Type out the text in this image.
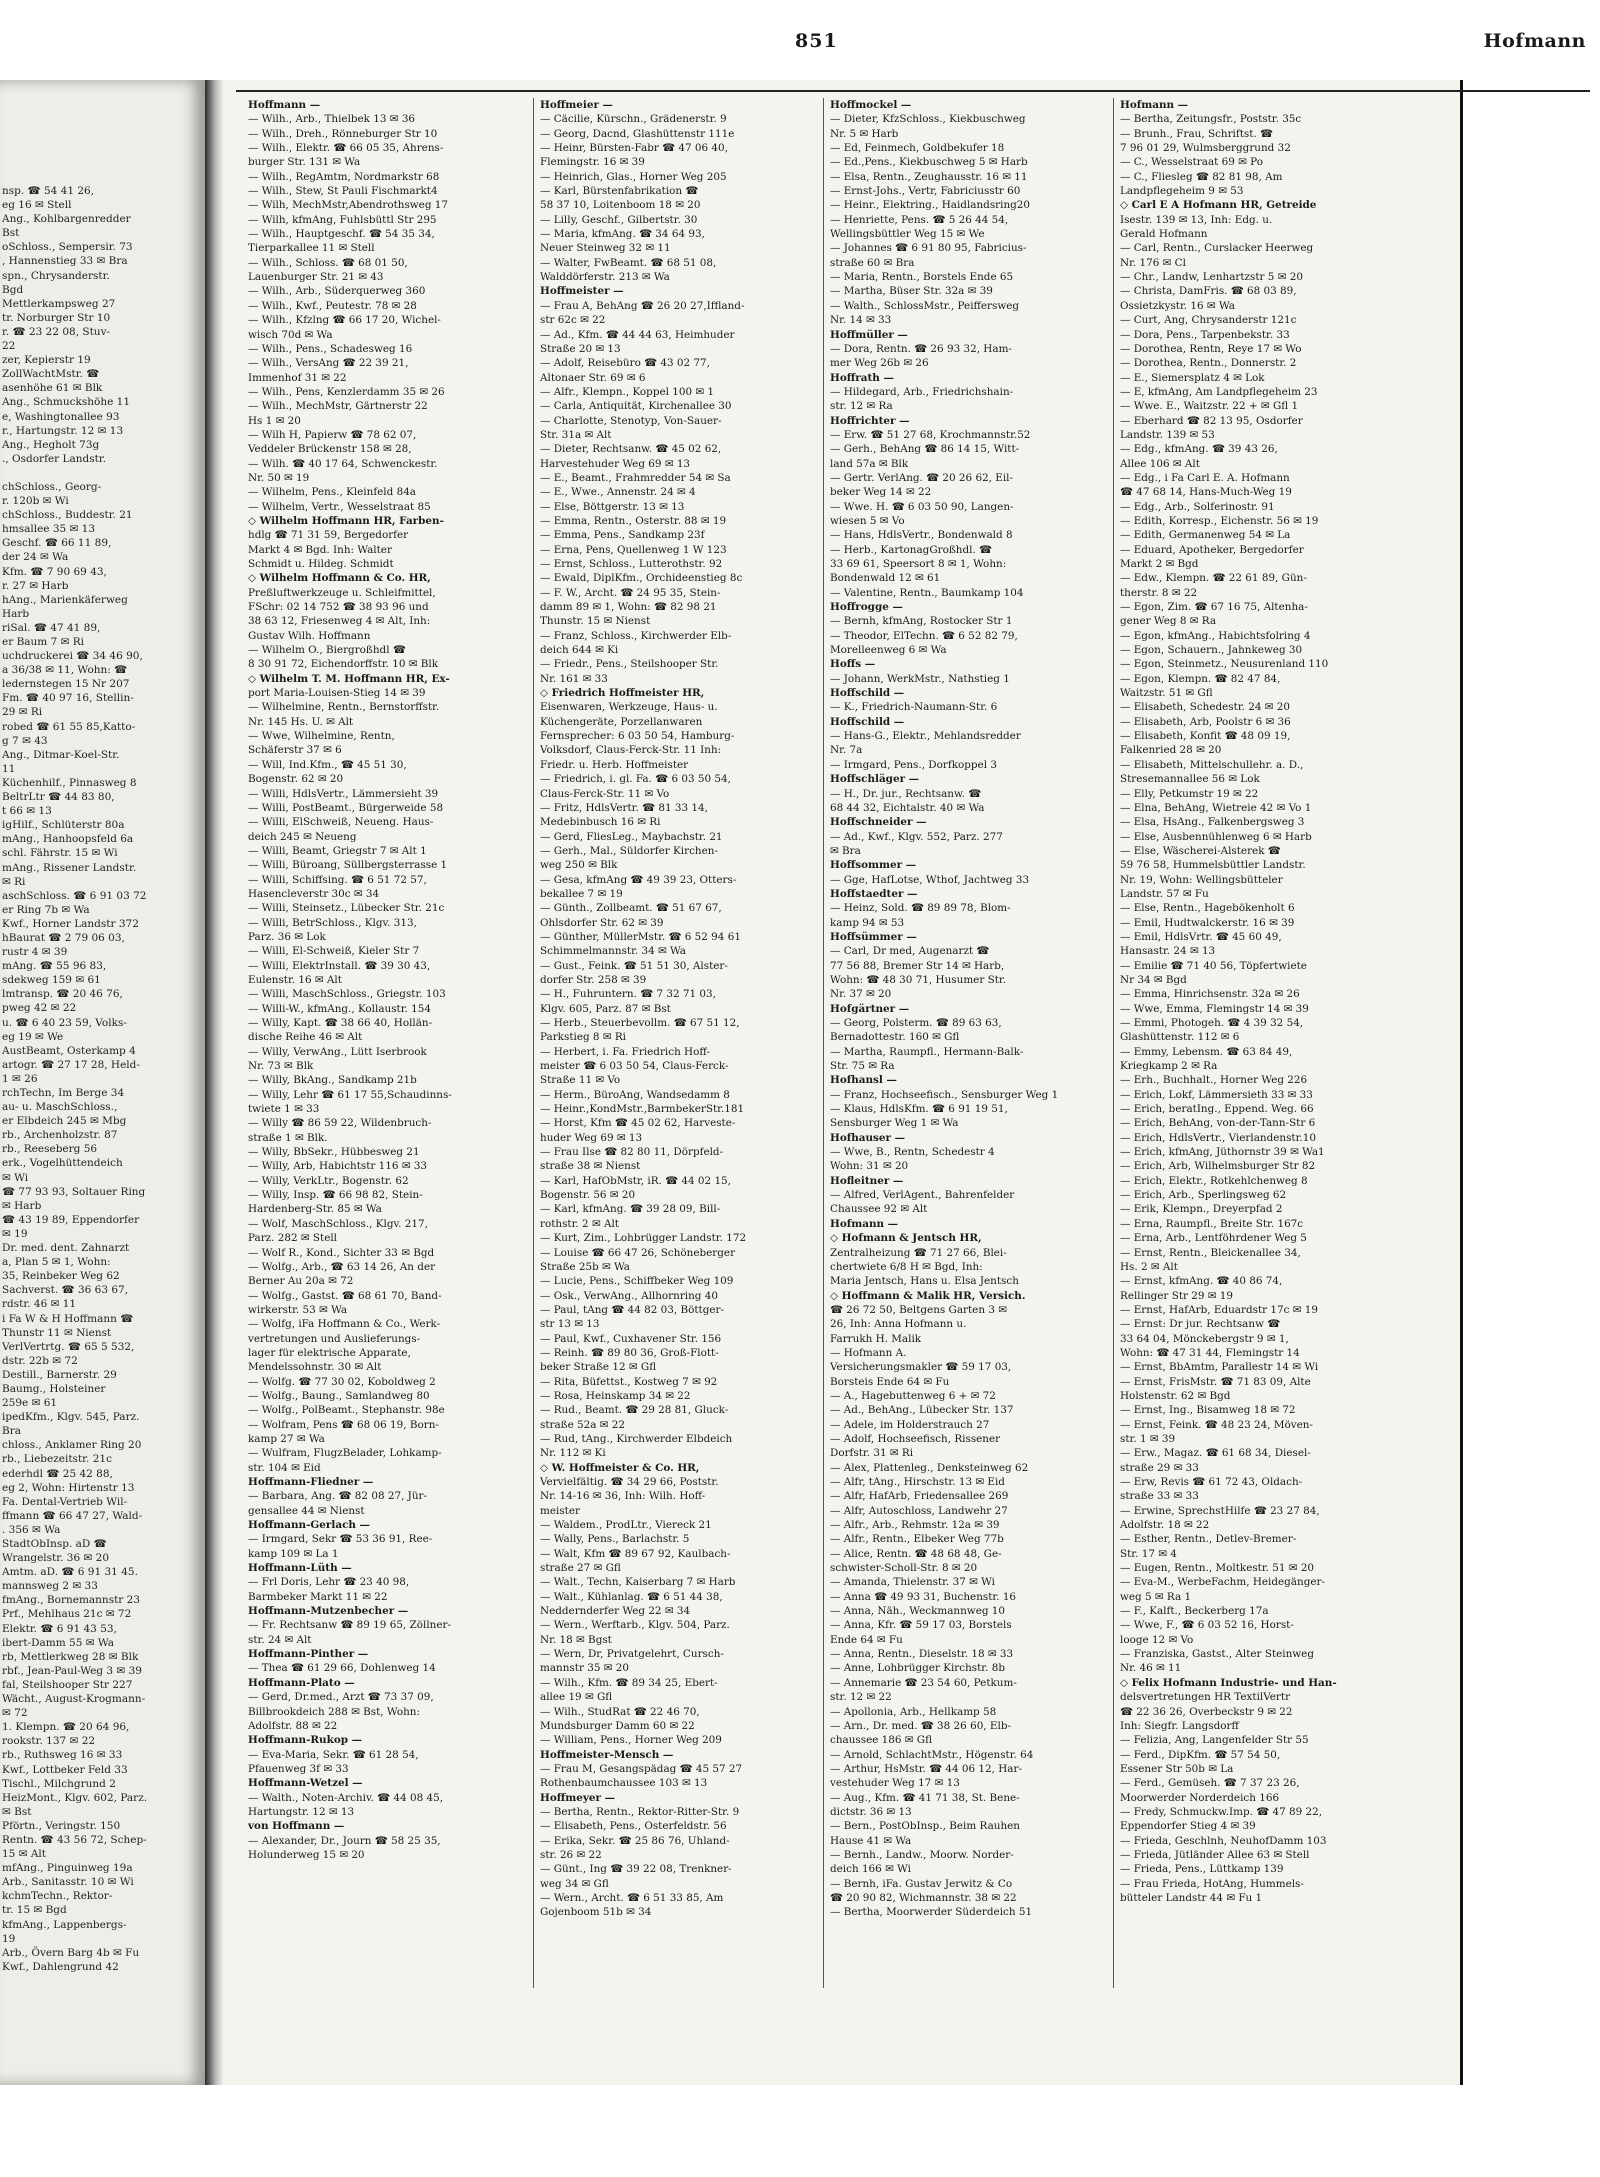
nsp. ☎ 54 41 26,
eg 16 ✉ Stell
Ang., Kohlbargenredder
Bst
oSchloss., Sempersir. 73
, Hannenstieg 33 ✉ Bra
spn., Chrysanderstr.
Bgd
Mettlerkampsweg 27
tr. Norburger Str 10
r. ☎ 23 22 08, Stuv-
22
zer, Kepierstr 19
ZollWachtMstr. ☎
asenhöhe 61 ✉ Blk
Ang., Schmuckshöhe 11
e, Washingtonallee 93
r., Hartungstr. 12 ✉ 13
Ang., Hegholt 73g
., Osdorfer Landstr.

chSchloss., Georg-
r. 120b ✉ Wi
chSchloss., Buddestr. 21
hmsallee 35 ✉ 13
Geschf. ☎ 66 11 89,
der 24 ✉ Wa
Kfm. ☎ 7 90 69 43,
r. 27 ✉ Harb
hAng., Marienkäferweg
Harb
riSal. ☎ 47 41 89,
er Baum 7 ✉ Ri
uchdruckerei ☎ 34 46 90,
a 36/38 ✉ 11, Wohn: ☎
ledernstegen 15 Nr 207
Fm. ☎ 40 97 16, Stellin-
29 ✉ Ri
robed ☎ 61 55 85,Katto-
g 7 ✉ 43
Ang., Ditmar-Koel-Str.
11
Küchenhilf., Pinnasweg 8
BeltrLtr ☎ 44 83 80,
t 66 ✉ 13
igHilf., Schlüterstr 80a
mAng., Hanhoopsfeld 6a
schl. Fährstr. 15 ✉ Wi
mAng., Rissener Landstr.
✉ Ri
aschSchloss. ☎ 6 91 03 72
er Ring 7b ✉ Wa
Kwf., Horner Landstr 372
hBaurat ☎ 2 79 06 03,
rustr 4 ✉ 39
mAng. ☎ 55 96 83,
sdekweg 159 ✉ 61
lmtransp. ☎ 20 46 76,
pweg 42 ✉ 22
u. ☎ 6 40 23 59, Volks-
eg 19 ✉ We
AustBeamt, Osterkamp 4
artogr. ☎ 27 17 28, Held-
1 ✉ 26
rchTechn, Im Berge 34
au- u. MaschSchloss.,
er Elbdeich 245 ✉ Mbg
rb., Archenholzstr. 87
rb., Reeseberg 56
erk., Vogelhüttendeich
✉ Wi
☎ 77 93 93, Soltauer Ring
✉ Harb
☎ 43 19 89, Eppendorfer
✉ 19
Dr. med. dent. Zahnarzt
a, Plan 5 ✉ 1, Wohn:
35, Reinbeker Weg 62
Sachverst. ☎ 36 63 67,
rdstr. 46 ✉ 11
i Fa W & H Hoffmann ☎
Thunstr 11 ✉ Nienst
VerlVertrtg. ☎ 65 5 532,
dstr. 22b ✉ 72
Destill., Barnerstr. 29
Baumg., Holsteiner
259e ✉ 61
ipedKfm., Klgv. 545, Parz.
Bra
chloss., Anklamer Ring 20
rb., Liebezeitstr. 21c
ederhdl ☎ 25 42 88,
eg 2, Wohn: Hirtenstr 13
Fa. Dental-Vertrieb Wil-
ffmann ☎ 66 47 27, Wald-
. 356 ✉ Wa
StadtObInsp. aD ☎
Wrangelstr. 36 ✉ 20
Amtm. aD. ☎ 6 91 31 45.
mannsweg 2 ✉ 33
fmAng., Bornemannstr 23
Prf., Mehlhaus 21c ✉ 72
Elektr. ☎ 6 91 43 53,
ibert-Damm 55 ✉ Wa
rb, Mettlerkweg 28 ✉ Blk
rbf., Jean-Paul-Weg 3 ✉ 39
fal, Steilshooper Str 227
Wächt., August-Krogmann-
✉ 72
1. Klempn. ☎ 20 64 96,
rookstr. 137 ✉ 22
rb., Ruthsweg 16 ✉ 33
Kwf., Lottbeker Feld 33
Tischl., Milchgrund 2
HeizMont., Klgv. 602, Parz.
✉ Bst
Pförtn., Veringstr. 150
Rentn. ☎ 43 56 72, Schep-
15 ✉ Alt
mfAng., Pinguinweg 19a
Arb., Sanitasstr. 10 ✉ Wi
kchmTechn., Rektor-
tr. 15 ✉ Bgd
kfmAng., Lappenbergs-
19
Arb., Övern Barg 4b ✉ Fu
Kwf., Dahlengrund 42
851	Hofmann
Hoffmann —
— Wilh., Arb., Thielbek 13 ✉ 36
— Wilh., Dreh., Rönneburger Str 10
— Wilh., Elektr. ☎ 66 05 35, Ahrens-
burger Str. 131 ✉ Wa
— Wilh., RegAmtm, Nordmarkstr 68
— Wilh., Stew, St Pauli Fischmarkt4
— Wilh, MechMstr,Abendrothsweg 17
— Wilh, kfmAng, Fuhlsbüttl Str 295
— Wilh., Hauptgeschf. ☎ 54 35 34,
Tierparkallee 11 ✉ Stell
— Wilh., Schloss. ☎ 68 01 50,
Lauenburger Str. 21 ✉ 43
— Wilh., Arb., Süderquerweg 360
— Wilh., Kwf., Peutestr. 78 ✉ 28
— Wilh., Kfzlng ☎ 66 17 20, Wichel-
wisch 70d ✉ Wa
— Wilh., Pens., Schadesweg 16
— Wilh., VersAng ☎ 22 39 21,
Immenhof 31 ✉ 22
— Wilh., Pens, Kenzlerdamm 35 ✉ 26
— Wilh., MechMstr, Gärtnerstr 22
Hs 1 ✉ 20
— Wilh H, Papierw ☎ 78 62 07,
Veddeler Brückenstr 158 ✉ 28,
— Wilh. ☎ 40 17 64, Schwenckestr.
Nr. 50 ✉ 19
— Wilhelm, Pens., Kleinfeld 84a
— Wilhelm, Vertr., Wesselstraat 85
◇ Wilhelm Hoffmann HR, Farben-
hdlg ☎ 71 31 59, Bergedorfer
Markt 4 ✉ Bgd. Inh: Walter
Schmidt u. Hildeg. Schmidt
◇ Wilhelm Hoffmann & Co. HR,
Preßluftwerkzeuge u. Schleifmittel,
FSchr: 02 14 752 ☎ 38 93 96 und
38 63 12, Friesenweg 4 ✉ Alt, Inh:
Gustav Wilh. Hoffmann
— Wilhelm O., Biergroßhdl ☎
8 30 91 72, Eichendorffstr. 10 ✉ Blk
◇ Wilhelm T. M. Hoffmann HR, Ex-
port Maria-Louisen-Stieg 14 ✉ 39
— Wilhelmine, Rentn., Bernstorffstr.
Nr. 145 Hs. U. ✉ Alt
— Wwe, Wilhelmine, Rentn,
Schäferstr 37 ✉ 6
— Will, Ind.Kfm., ☎ 45 51 30,
Bogenstr. 62 ✉ 20
— Willi, HdlsVertr., Lämmersieht 39
— Willi, PostBeamt., Bürgerweide 58
— Willi, ElSchweiß, Neueng. Haus-
deich 245 ✉ Neueng
— Willi, Beamt, Griegstr 7 ✉ Alt 1
— Willi, Büroang, Süllbergsterrasse 1
— Willi, Schiffsing. ☎ 6 51 72 57,
Hasencleverstr 30c ✉ 34
— Willi, Steinsetz., Lübecker Str. 21c
— Willi, BetrSchloss., Klgv. 313,
Parz. 36 ✉ Lok
— Willi, El-Schweiß, Kieler Str 7
— Willi, ElektrInstall. ☎ 39 30 43,
Eulenstr. 16 ✉ Alt
— Willi, MaschSchloss., Griegstr. 103
— Willi-W., kfmAng., Kollaustr. 154
— Willy, Kapt. ☎ 38 66 40, Hollän-
dische Reihe 46 ✉ Alt
— Willy, VerwAng., Lütt Iserbrook
Nr. 73 ✉ Blk
— Willy, BkAng., Sandkamp 21b
— Willy, Lehr ☎ 61 17 55,Schaudinns-
twiete 1 ✉ 33
— Willy ☎ 86 59 22, Wildenbruch-
straße 1 ✉ Blk.
— Willy, BbSekr., Hübbesweg 21
— Willy, Arb, Habichtstr 116 ✉ 33
— Willy, VerkLtr., Bogenstr. 62
— Willy, Insp. ☎ 66 98 82, Stein-
Hardenberg-Str. 85 ✉ Wa
— Wolf, MaschSchloss., Klgv. 217,
Parz. 282 ✉ Stell
— Wolf R., Kond., Sichter 33 ✉ Bgd
— Wolfg., Arb., ☎ 63 14 26, An der
Berner Au 20a ✉ 72
— Wolfg., Gastst. ☎ 68 61 70, Band-
wirkerstr. 53 ✉ Wa
— Wolfg, iFa Hoffmann & Co., Werk-
vertretungen und Auslieferungs-
lager für elektrische Apparate,
Mendelssohnstr. 30 ✉ Alt
— Wolfg. ☎ 77 30 02, Koboldweg 2
— Wolfg., Baung., Samlandweg 80
— Wolfg., PolBeamt., Stephanstr. 98e
— Wolfram, Pens ☎ 68 06 19, Born-
kamp 27 ✉ Wa
— Wulfram, FlugzBelader, Lohkamp-
str. 104 ✉ Eid
Hoffmann-Fliedner —
— Barbara, Ang. ☎ 82 08 27, Jür-
gensallee 44 ✉ Nienst
Hoffmann-Gerlach —
— Irmgard, Sekr ☎ 53 36 91, Ree-
kamp 109 ✉ La 1
Hoffmann-Lüth —
— Frl Doris, Lehr ☎ 23 40 98,
Barmbeker Markt 11 ✉ 22
Hoffmann-Mutzenbecher —
— Fr. Rechtsanw ☎ 89 19 65, Zöllner-
str. 24 ✉ Alt
Hoffmann-Pinther —
— Thea ☎ 61 29 66, Dohlenweg 14
Hoffmann-Plato —
— Gerd, Dr.med., Arzt ☎ 73 37 09,
Billbrookdeich 288 ✉ Bst, Wohn:
Adolfstr. 88 ✉ 22
Hoffmann-Rukop —
— Eva-Maria, Sekr. ☎ 61 28 54,
Pfauenweg 3f ✉ 33
Hoffmann-Wetzel —
— Walth., Noten-Archiv. ☎ 44 08 45,
Hartungstr. 12 ✉ 13
von Hoffmann —
— Alexander, Dr., Journ ☎ 58 25 35,
Holunderweg 15 ✉ 20
Hoffmeier —
— Cäcilie, Kürschn., Grädenerstr. 9
— Georg, Dacnd, Glashüttenstr 111e
— Heinr, Bürsten-Fabr ☎ 47 06 40,
Flemingstr. 16 ✉ 39
— Heinrich, Glas., Horner Weg 205
— Karl, Bürstenfabrikation ☎
58 37 10, Loitenboom 18 ✉ 20
— Lilly, Geschf., Gilbertstr. 30
— Maria, kfmAng. ☎ 34 64 93,
Neuer Steinweg 32 ✉ 11
— Walter, FwBeamt. ☎ 68 51 08,
Walddörferstr. 213 ✉ Wa
Hoffmeister —
— Frau A, BehAng ☎ 26 20 27,Iffland-
str 62c ✉ 22
— Ad., Kfm. ☎ 44 44 63, Heimhuder
Straße 20 ✉ 13
— Adolf, Reisebüro ☎ 43 02 77,
Altonaer Str. 69 ✉ 6
— Alfr., Klempn., Koppel 100 ✉ 1
— Carla, Antiquität, Kirchenallee 30
— Charlotte, Stenotyp, Von-Sauer-
Str. 31a ✉ Alt
— Dieter, Rechtsanw. ☎ 45 02 62,
Harvestehuder Weg 69 ✉ 13
— E., Beamt., Frahmredder 54 ✉ Sa
— E., Wwe., Annenstr. 24 ✉ 4
— Else, Böttgerstr. 13 ✉ 13
— Emma, Rentn., Osterstr. 88 ✉ 19
— Emma, Pens., Sandkamp 23f
— Erna, Pens, Quellenweg 1 W 123
— Ernst, Schloss., Lutterothstr. 92
— Ewald, DiplKfm., Orchideenstieg 8c
— F. W., Archt. ☎ 24 95 35, Stein-
damm 89 ✉ 1, Wohn: ☎ 82 98 21
Thunstr. 15 ✉ Nienst
— Franz, Schloss., Kirchwerder Elb-
deich 644 ✉ Ki
— Friedr., Pens., Steilshooper Str.
Nr. 161 ✉ 33
◇ Friedrich Hoffmeister HR,
Eisenwaren, Werkzeuge, Haus- u.
Küchengeräte, Porzellanwaren
Fernsprecher: 6 03 50 54, Hamburg-
Volksdorf, Claus-Ferck-Str. 11 Inh:
Friedr. u. Herb. Hoffmeister
— Friedrich, i. gl. Fa. ☎ 6 03 50 54,
Claus-Ferck-Str. 11 ✉ Vo
— Fritz, HdlsVertr. ☎ 81 33 14,
Medebinbusch 16 ✉ Ri
— Gerd, FliesLeg., Maybachstr. 21
— Gerh., Mal., Süldorfer Kirchen-
weg 250 ✉ Blk
— Gesa, kfmAng ☎ 49 39 23, Otters-
bekallee 7 ✉ 19
— Günth., Zollbeamt. ☎ 51 67 67,
Ohlsdorfer Str. 62 ✉ 39
— Günther, MüllerMstr. ☎ 6 52 94 61
Schimmelmannstr. 34 ✉ Wa
— Gust., Feink. ☎ 51 51 30, Alster-
dorfer Str. 258 ✉ 39
— H., Fuhruntern. ☎ 7 32 71 03,
Klgv. 605, Parz. 87 ✉ Bst
— Herb., Steuerbevollm. ☎ 67 51 12,
Parkstieg 8 ✉ Ri
— Herbert, i. Fa. Friedrich Hoff-
meister ☎ 6 03 50 54, Claus-Ferck-
Straße 11 ✉ Vo
— Herm., BüroAng, Wandsedamm 8
— Heinr.,KondMstr.,BarmbekerStr.181
— Horst, Kfm ☎ 45 02 62, Harveste-
huder Weg 69 ✉ 13
— Frau Ilse ☎ 82 80 11, Dörpfeld-
straße 38 ✉ Nienst
— Karl, HafObMstr, iR. ☎ 44 02 15,
Bogenstr. 56 ✉ 20
— Karl, kfmAng. ☎ 39 28 09, Bill-
rothstr. 2 ✉ Alt
— Kurt, Zim., Lohbrügger Landstr. 172
— Louise ☎ 66 47 26, Schöneberger
Straße 25b ✉ Wa
— Lucie, Pens., Schiffbeker Weg 109
— Osk., VerwAng., Allhornring 40
— Paul, tAng ☎ 44 82 03, Böttger-
str 13 ✉ 13
— Paul, Kwf., Cuxhavener Str. 156
— Reinh. ☎ 89 80 36, Groß-Flott-
beker Straße 12 ✉ Gfl
— Rita, Büfettst., Kostweg 7 ✉ 92
— Rosa, Heinskamp 34 ✉ 22
— Rud., Beamt. ☎ 29 28 81, Gluck-
straße 52a ✉ 22
— Rud, tAng., Kirchwerder Elbdeich
Nr. 112 ✉ Ki
◇ W. Hoffmeister & Co. HR,
Vervielfältig. ☎ 34 29 66, Poststr.
Nr. 14-16 ✉ 36, Inh: Wilh. Hoff-
meister
— Waldem., ProdLtr., Viereck 21
— Wally, Pens., Barlachstr. 5
— Walt, Kfm ☎ 89 67 92, Kaulbach-
straße 27 ✉ Gfl
— Walt., Techn, Kaiserbarg 7 ✉ Harb
— Walt., Kühlanlag. ☎ 6 51 44 38,
Neddernderfer Weg 22 ✉ 34
— Wern., Werftarb., Klgv. 504, Parz.
Nr. 18 ✉ Bgst
— Wern, Dr, Privatgelehrt, Cursch-
mannstr 35 ✉ 20
— Wilh., Kfm. ☎ 89 34 25, Ebert-
allee 19 ✉ Gfl
— Wilh., StudRat ☎ 22 46 70,
Mundsburger Damm 60 ✉ 22
— William, Pens., Horner Weg 209
Hoffmeister-Mensch —
— Frau M, Gesangspädag ☎ 45 57 27
Rothenbaumchaussee 103 ✉ 13
Hoffmeyer —
— Bertha, Rentn., Rektor-Ritter-Str. 9
— Elisabeth, Pens., Osterfeldstr. 56
— Erika, Sekr. ☎ 25 86 76, Uhland-
str. 26 ✉ 22
— Günt., Ing ☎ 39 22 08, Trenkner-
weg 34 ✉ Gfl
— Wern., Archt. ☎ 6 51 33 85, Am
Gojenboom 51b ✉ 34
Hoffmockel —
— Dieter, KfzSchloss., Kiekbuschweg
Nr. 5 ✉ Harb
— Ed, Feinmech, Goldbekufer 18
— Ed.,Pens., Kiekbuschweg 5 ✉ Harb
— Elsa, Rentn., Zeughausstr. 16 ✉ 11
— Ernst-Johs., Vertr, Fabriciusstr 60
— Heinr., Elektring., Haidlandsring20
— Henriette, Pens. ☎ 5 26 44 54,
Wellingsbüttler Weg 15 ✉ We
— Johannes ☎ 6 91 80 95, Fabricius-
straße 60 ✉ Bra
— Maria, Rentn., Borstels Ende 65
— Martha, Büser Str. 32a ✉ 39
— Walth., SchlossMstr., Peiffersweg
Nr. 14 ✉ 33
Hoffmüller —
— Dora, Rentn. ☎ 26 93 32, Ham-
mer Weg 26b ✉ 26
Hoffrath —
— Hildegard, Arb., Friedrichshain-
str. 12 ✉ Ra
Hoffrichter —
— Erw. ☎ 51 27 68, Krochmannstr.52
— Gerh., BehAng ☎ 86 14 15, Witt-
land 57a ✉ Blk
— Gertr. VerlAng. ☎ 20 26 62, Eil-
beker Weg 14 ✉ 22
— Wwe. H. ☎ 6 03 50 90, Langen-
wiesen 5 ✉ Vo
— Hans, HdlsVertr., Bondenwald 8
— Herb., KartonagGroßhdl. ☎
33 69 61, Speersort 8 ✉ 1, Wohn:
Bondenwald 12 ✉ 61
— Valentine, Rentn., Baumkamp 104
Hoffrogge —
— Bernh, kfmAng, Rostocker Str 1
— Theodor, ElTechn. ☎ 6 52 82 79,
Morelleenweg 6 ✉ Wa
Hoffs —
— Johann, WerkMstr., Nathstieg 1
Hoffschild —
— K., Friedrich-Naumann-Str. 6
Hoffschild —
— Hans-G., Elektr., Mehlandsredder
Nr. 7a
— Irmgard, Pens., Dorfkoppel 3
Hoffschläger —
— H., Dr. jur., Rechtsanw. ☎
68 44 32, Eichtalstr. 40 ✉ Wa
Hoffschneider —
— Ad., Kwf., Klgv. 552, Parz. 277
✉ Bra
Hoffsommer —
— Gge, HafLotse, Wthof, Jachtweg 33
Hoffstaedter —
— Heinz, Sold. ☎ 89 89 78, Blom-
kamp 94 ✉ 53
Hoffsümmer —
— Carl, Dr med, Augenarzt ☎
77 56 88, Bremer Str 14 ✉ Harb,
Wohn: ☎ 48 30 71, Husumer Str.
Nr. 37 ✉ 20
Hofgärtner —
— Georg, Polsterm. ☎ 89 63 63,
Bernadottestr. 160 ✉ Gfl
— Martha, Raumpfl., Hermann-Balk-
Str. 75 ✉ Ra
Hofhansl —
— Franz, Hochseefisch., Sensburger Weg 1
— Klaus, HdlsKfm. ☎ 6 91 19 51,
Sensburger Weg 1 ✉ Wa
Hofhauser —
— Wwe, B., Rentn, Schedestr 4
Wohn: 31 ✉ 20
Hofleitner —
— Alfred, VerlAgent., Bahrenfelder
Chaussee 92 ✉ Alt
Hofmann —
◇ Hofmann & Jentsch HR,
Zentralheizung ☎ 71 27 66, Blei-
chertwiete 6/8 H ✉ Bgd, Inh:
Maria Jentsch, Hans u. Elsa Jentsch
◇ Hoffmann & Malik HR, Versich.
☎ 26 72 50, Beltgens Garten 3 ✉
26, Inh: Anna Hofmann u.
Farrukh H. Malik
— Hofmann A.
Versicherungsmakler ☎ 59 17 03,
Borsteis Ende 64 ✉ Fu
— A., Hagebuttenweg 6 + ✉ 72
— Ad., BehAng., Lübecker Str. 137
— Adele, im Holderstrauch 27
— Adolf, Hochseefisch, Rissener
Dorfstr. 31 ✉ Ri
— Alex, Plattenleg., Denksteinweg 62
— Alfr, tAng., Hirschstr. 13 ✉ Eid
— Alfr, HafArb, Friedensallee 269
— Alfr, Autoschloss, Landwehr 27
— Alfr., Arb., Rehmstr. 12a ✉ 39
— Alfr., Rentn., Elbeker Weg 77b
— Alice, Rentn. ☎ 48 68 48, Ge-
schwister-Scholl-Str. 8 ✉ 20
— Amanda, Thielenstr. 37 ✉ Wi
— Anna ☎ 49 93 31, Buchenstr. 16
— Anna, Näh., Weckmannweg 10
— Anna, Kfr. ☎ 59 17 03, Borstels
Ende 64 ✉ Fu
— Anna, Rentn., Dieselstr. 18 ✉ 33
— Anne, Lohbrügger Kirchstr. 8b
— Annemarie ☎ 23 54 60, Petkum-
str. 12 ✉ 22
— Apollonia, Arb., Hellkamp 58
— Arn., Dr. med. ☎ 38 26 60, Elb-
chaussee 186 ✉ Gfl
— Arnold, SchlachtMstr., Högenstr. 64
— Arthur, HsMstr. ☎ 44 06 12, Har-
vestehuder Weg 17 ✉ 13
— Aug., Kfm. ☎ 41 71 38, St. Bene-
dictstr. 36 ✉ 13
— Bern., PostObInsp., Beim Rauhen
Hause 41 ✉ Wa
— Bernh., Landw., Moorw. Norder-
deich 166 ✉ Wi
— Bernh, iFa. Gustav Jerwitz & Co
☎ 20 90 82, Wichmannstr. 38 ✉ 22
— Bertha, Moorwerder Süderdeich 51
Hofmann —
— Bertha, Zeitungsfr., Poststr. 35c
— Brunh., Frau, Schriftst. ☎
7 96 01 29, Wulmsberggrund 32
— C., Wesselstraat 69 ✉ Po
— C., Fliesleg ☎ 82 81 98, Am
Landpflegeheim 9 ✉ 53
◇ Carl E A Hofmann HR, Getreide
Isestr. 139 ✉ 13, Inh: Edg. u.
Gerald Hofmann
— Carl, Rentn., Curslacker Heerweg
Nr. 176 ✉ Cl
— Chr., Landw, Lenhartzstr 5 ✉ 20
— Christa, DamFris. ☎ 68 03 89,
Ossietzkystr. 16 ✉ Wa
— Curt, Ang, Chrysanderstr 121c
— Dora, Pens., Tarpenbekstr. 33
— Dorothea, Rentn, Reye 17 ✉ Wo
— Dorothea, Rentn., Donnerstr. 2
— E., Siemersplatz 4 ✉ Lok
— E, kfmAng, Am Landpflegeheim 23
— Wwe. E., Waitzstr. 22 + ✉ Gfl 1
— Eberhard ☎ 82 13 95, Osdorfer
Landstr. 139 ✉ 53
— Edg., kfmAng. ☎ 39 43 26,
Allee 106 ✉ Alt
— Edg., i Fa Carl E. A. Hofmann
☎ 47 68 14, Hans-Much-Weg 19
— Edg., Arb., Solferinostr. 91
— Edith, Korresp., Eichenstr. 56 ✉ 19
— Edith, Germanenweg 54 ✉ La
— Eduard, Apotheker, Bergedorfer
Markt 2 ✉ Bgd
— Edw., Klempn. ☎ 22 61 89, Gün-
therstr. 8 ✉ 22
— Egon, Zim. ☎ 67 16 75, Altenha-
gener Weg 8 ✉ Ra
— Egon, kfmAng., Habichtsfolring 4
— Egon, Schauern., Jahnkeweg 30
— Egon, Steinmetz., Neusurenland 110
— Egon, Klempn. ☎ 82 47 84,
Waitzstr. 51 ✉ Gfl
— Elisabeth, Schedestr. 24 ✉ 20
— Elisabeth, Arb, Poolstr 6 ✉ 36
— Elisabeth, Konfit ☎ 48 09 19,
Falkenried 28 ✉ 20
— Elisabeth, Mittelschullehr. a. D.,
Stresemannallee 56 ✉ Lok
— Elly, Petkumstr 19 ✉ 22
— Elna, BehAng, Wietreie 42 ✉ Vo 1
— Elsa, HsAng., Falkenbergsweg 3
— Else, Ausbennühlenweg 6 ✉ Harb
— Else, Wäscherei-Alsterek ☎
59 76 58, Hummelsbüttler Landstr.
Nr. 19, Wohn: Wellingsbütteler
Landstr. 57 ✉ Fu
— Else, Rentn., Hagebökenholt 6
— Emil, Hudtwalckerstr. 16 ✉ 39
— Emil, HdlsVrtr. ☎ 45 60 49,
Hansastr. 24 ✉ 13
— Emilie ☎ 71 40 56, Töpfertwiete
Nr 34 ✉ Bgd
— Emma, Hinrichsenstr. 32a ✉ 26
— Wwe, Emma, Flemingstr 14 ✉ 39
— Emmi, Photogeh. ☎ 4 39 32 54,
Glashüttenstr. 112 ✉ 6
— Emmy, Lebensm. ☎ 63 84 49,
Kriegkamp 2 ✉ Ra
— Erh., Buchhalt., Horner Weg 226
— Erich, Lokf, Lämmersieth 33 ✉ 33
— Erich, beratIng., Eppend. Weg. 66
— Erich, BehAng, von-der-Tann-Str 6
— Erich, HdlsVertr., Vierlandenstr.10
— Erich, kfmAng, Jüthornstr 39 ✉ Wa1
— Erich, Arb, Wilhelmsburger Str 82
— Erich, Elektr., Rotkehlchenweg 8
— Erich, Arb., Sperlingsweg 62
— Erik, Klempn., Dreyerpfad 2
— Erna, Raumpfl., Breite Str. 167c
— Erna, Arb., Lentföhrdener Weg 5
— Ernst, Rentn., Bleickenallee 34,
Hs. 2 ✉ Alt
— Ernst, kfmAng. ☎ 40 86 74,
Rellinger Str 29 ✉ 19
— Ernst, HafArb, Eduardstr 17c ✉ 19
— Ernst: Dr jur. Rechtsanw ☎
33 64 04, Mönckebergstr 9 ✉ 1,
Wohn: ☎ 47 31 44, Flemingstr 14
— Ernst, BbAmtm, Parallestr 14 ✉ Wi
— Ernst, FrisMstr. ☎ 71 83 09, Alte
Holstenstr. 62 ✉ Bgd
— Ernst, Ing., Bisamweg 18 ✉ 72
— Ernst, Feink. ☎ 48 23 24, Möven-
str. 1 ✉ 39
— Erw., Magaz. ☎ 61 68 34, Diesel-
straße 29 ✉ 33
— Erw, Revis ☎ 61 72 43, Oldach-
straße 33 ✉ 33
— Erwine, SprechstHilfe ☎ 23 27 84,
Adolfstr. 18 ✉ 22
— Esther, Rentn., Detlev-Bremer-
Str. 17 ✉ 4
— Eugen, Rentn., Moltkestr. 51 ✉ 20
— Eva-M., WerbeFachm, Heidegänger-
weg 5 ✉ Ra 1
— F., Kalft., Beckerberg 17a
— Wwe, F., ☎ 6 03 52 16, Horst-
looge 12 ✉ Vo
— Franziska, Gastst., Alter Steinweg
Nr. 46 ✉ 11
◇ Felix Hofmann Industrie- und Han-
delsvertretungen HR TextilVertr
☎ 22 36 26, Overbeckstr 9 ✉ 22
Inh: Siegfr. Langsdorff
— Felizia, Ang, Langenfelder Str 55
— Ferd., DipKfm. ☎ 57 54 50,
Essener Str 50b ✉ La
— Ferd., Gemüseh. ☎ 7 37 23 26,
Moorwerder Norderdeich 166
— Fredy, Schmuckw.Imp. ☎ 47 89 22,
Eppendorfer Stieg 4 ✉ 39
— Frieda, Geschlnh, NeuhofDamm 103
— Frieda, Jütländer Allee 63 ✉ Stell
— Frieda, Pens., Lüttkamp 139
— Frau Frieda, HotAng, Hummels-
bütteler Landstr 44 ✉ Fu 1
